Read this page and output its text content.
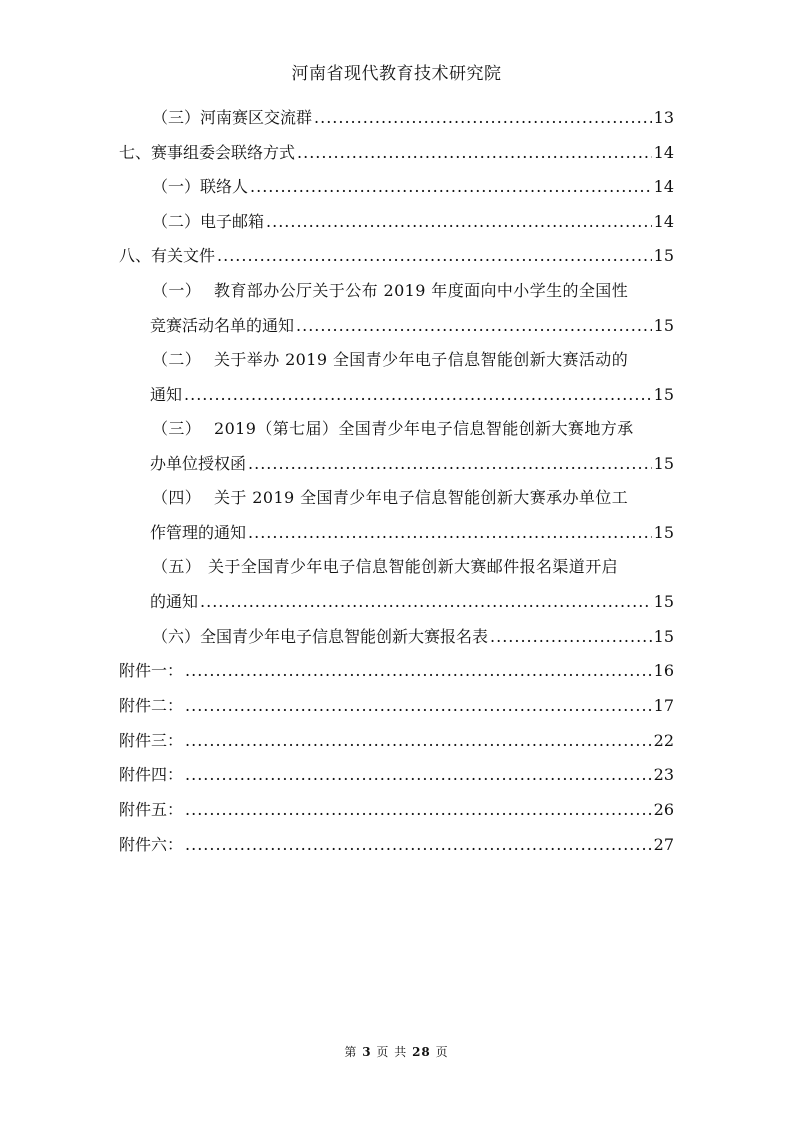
河南省现代教育技术研究院
（三） 河南赛区交流群 .....	13
七、 赛事组委会联络方式 .....	14
（一） 联络人 .....	14
（二） 电子邮箱 .....	14
八、 有关文件 .....	15
（一） 教育部办公厅关于公布 2019 年度面向中小学生的全国性
竞赛活动名单的通知 .....	15
（二） 关于举办 2019 全国青少年电子信息智能创新大赛活动的
通知 .....	15
（三） 2019（第七届）全国青少年电子信息智能创新大赛地方承
办单位授权函 .....	15
（四） 关于 2019 全国青少年电子信息智能创新大赛承办单位工
作管理的通知 .....	15
（五） 关于全国青少年电子信息智能创新大赛邮件报名渠道开启
的通知 .....	15
（六） 全国青少年电子信息智能创新大赛报名表 .....	15
附件一： .....	16
附件二： .....	17
附件三： .....	22
附件四： .....	23
附件五： .....	26
附件六： .....	27
第 3 页 共 28 页
